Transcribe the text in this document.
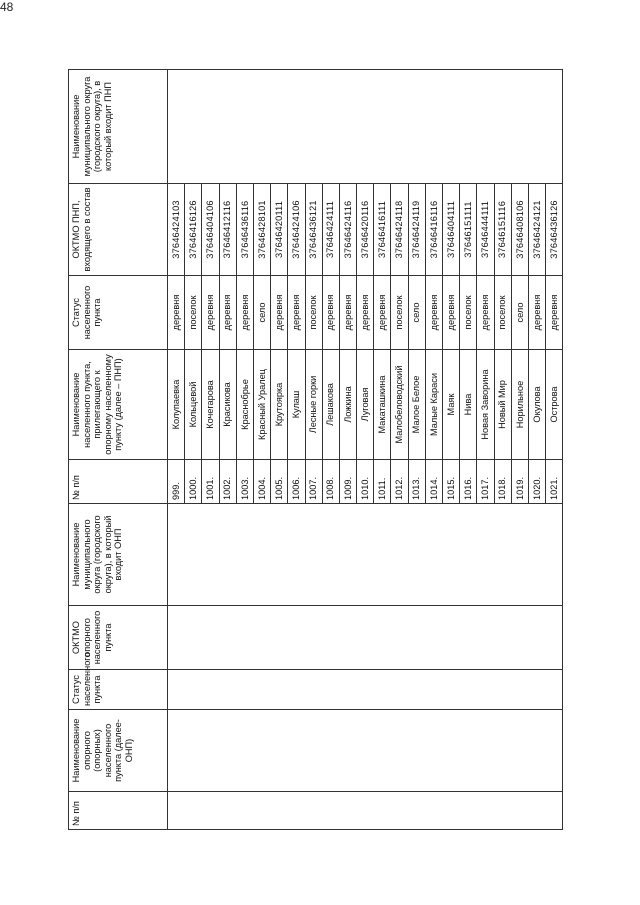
48
№ п/п	Наименование опорного (опорных) населенного пункта (далее-ОНП)	Статус населенного пункта	ОКТМО опорного населенного пункта	Наименование муниципального округа (городского округа), в который входит ОНП	№ п/п	Наименование населенного пункта, прилегающего к опорному населенному пункту (далее – ПНП)	Статус населенного пункта	ОКТМО ПНП, входящего в состав	Наименование муниципального округа (городского округа), в который входит ПНП
					999.	Колупаевка	деревня	37646424103	
					1000.	Кольцевой	поселок	37646416126	
					1001.	Кочегарова	деревня	37646404106	
					1002.	Красикова	деревня	37646412116	
					1003.	Краснобрье	деревня	37646436116	
					1004.	Красный Уралец	село	37646428101	
					1005.	Крутоярка	деревня	37646420111	
					1006.	Кулаш	деревня	37646424106	
					1007.	Лесные горки	поселок	37646436121	
					1008.	Лешакова	деревня	37646424111	
					1009.	Ложкина	деревня	37646424116	
					1010.	Луговая	деревня	37646420116	
					1011.	Макаташкина	деревня	37646416111	
					1012.	Малобеловодский	поселок	37646424118	
					1013.	Малое Белое	село	37646424119	
					1014.	Малые Караси	деревня	37646416116	
					1015.	Маяк	деревня	37646404111	
					1016.	Нива	поселок	37646151111	
					1017.	Новая Заворина	деревня	37646444111	
					1018.	Новый Мир	поселок	37646151116	
					1019.	Норильное	село	37646408106	
					1020.	Окулова	деревня	37646424121	
					1021.	Острова	деревня	37646436126	
